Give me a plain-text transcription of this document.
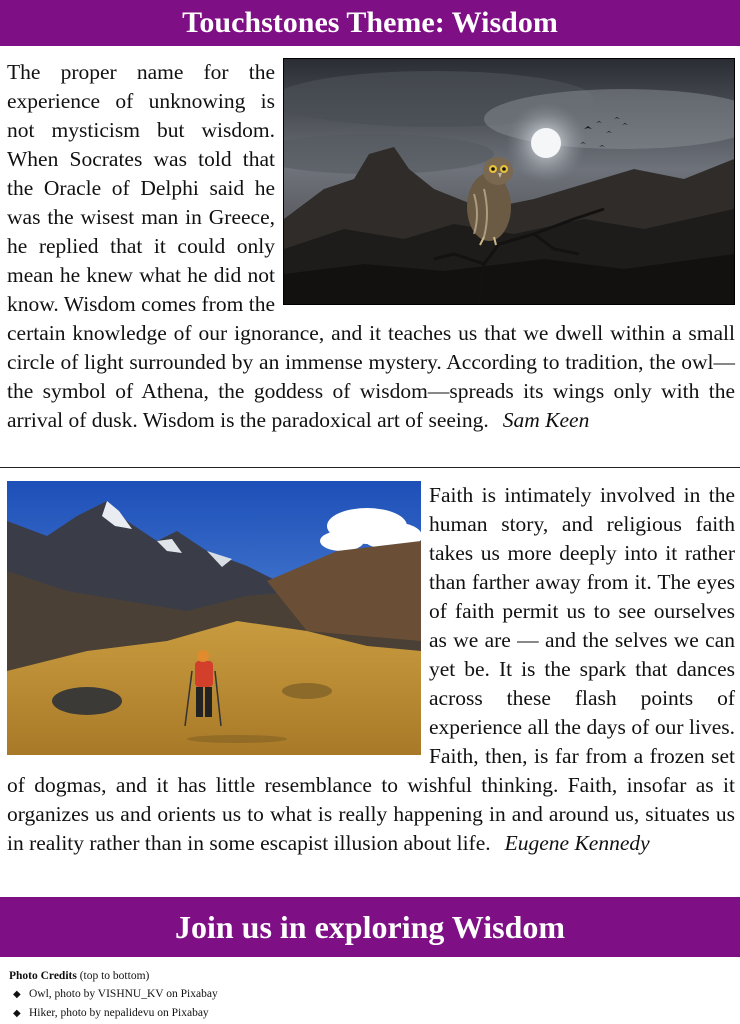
Touchstones Theme: Wisdom

The proper name for the experience of unknowing is not mysticism but wisdom. When Socrates was told that the Oracle of Delphi said he was the wisest man in Greece, he replied that it could only mean he knew what he did not know. Wisdom comes from the certain knowledge of our ignorance, and it teaches us that we dwell within a small circle of light surrounded by an immense mystery. According to tradition, the owl—the symbol of Athena, the goddess of wisdom—spreads its wings only with the arrival of dusk. Wisdom is the paradoxical art of seeing. Sam Keen

Faith is intimately involved in the human story, and religious faith takes us more deeply into it rather than farther away from it. The eyes of faith permit us to see ourselves as we are — and the selves we can yet be. It is the spark that dances across these flash points of experience all the days of our lives. Faith, then, is far from a frozen set of dogmas, and it has little resemblance to wishful thinking. Faith, insofar as it organizes us and orients us to what is really happening in and around us, situates us in reality rather than in some escapist illusion about life. Eugene Kennedy

Join us in exploring Wisdom
Photo Credits (top to bottom)
◆ Owl, photo by VISHNU_KV on Pixabay
◆ Hiker, photo by nepalidevu on Pixabay
